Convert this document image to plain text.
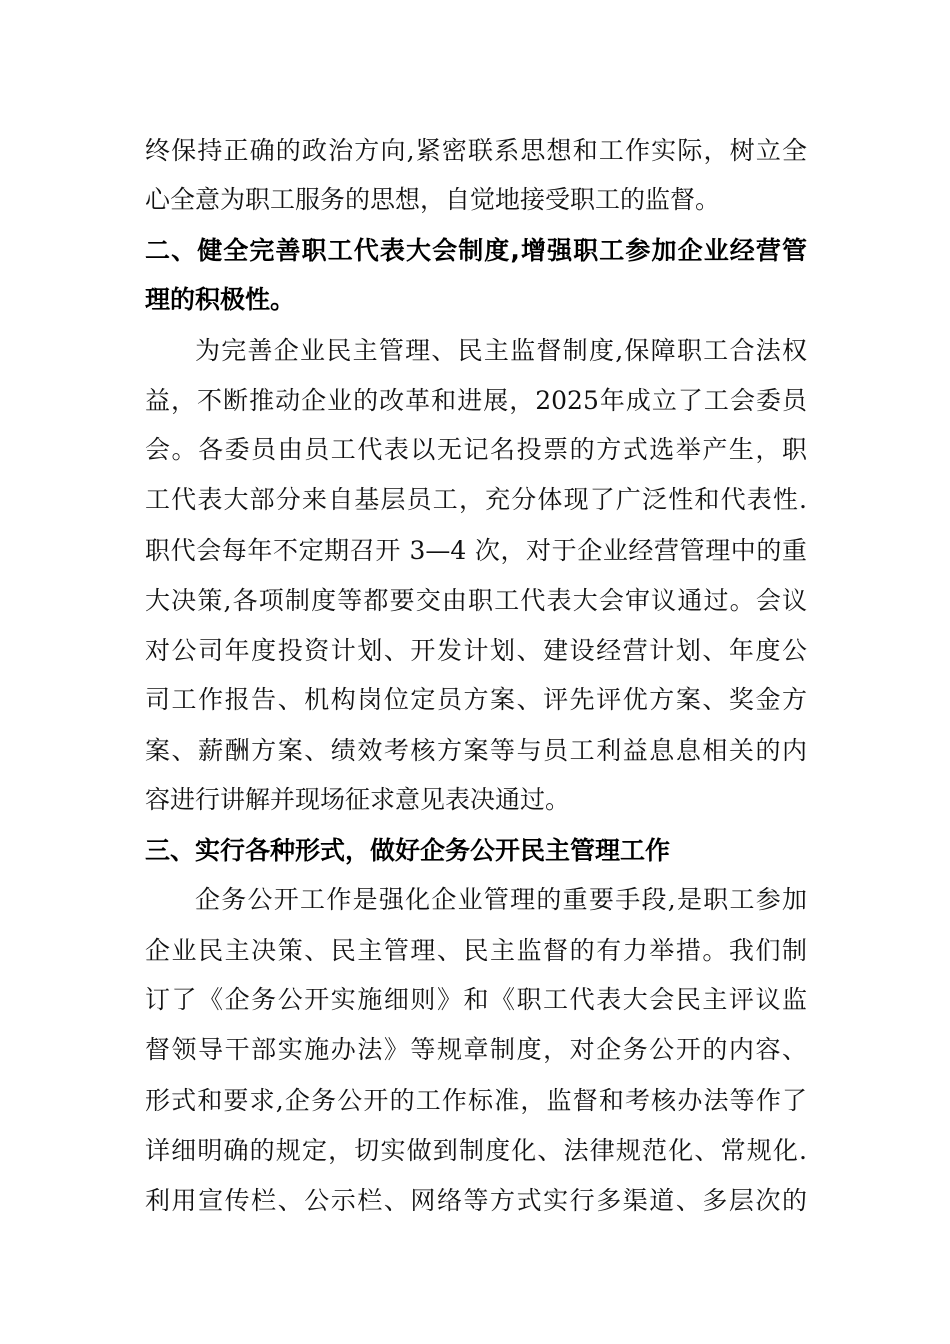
终保持正确的政治方向,紧密联系思想和工作实际，树立全
心全意为职工服务的思想，自觉地接受职工的监督。
二、健全完善职工代表大会制度,增强职工参加企业经营管
理的积极性。
为完善企业民主管理、民主监督制度,保障职工合法权
益，不断推动企业的改革和进展，2025年成立了工会委员
会。各委员由员工代表以无记名投票的方式选举产生，职
工代表大部分来自基层员工，充分体现了广泛性和代表性.
职代会每年不定期召开 3—4 次，对于企业经营管理中的重
大决策,各项制度等都要交由职工代表大会审议通过。会议
对公司年度投资计划、开发计划、建设经营计划、年度公
司工作报告、机构岗位定员方案、评先评优方案、奖金方
案、薪酬方案、绩效考核方案等与员工利益息息相关的内
容进行讲解并现场征求意见表决通过。
三、实行各种形式，做好企务公开民主管理工作
企务公开工作是强化企业管理的重要手段,是职工参加
企业民主决策、民主管理、民主监督的有力举措。我们制
订了《企务公开实施细则》和《职工代表大会民主评议监
督领导干部实施办法》等规章制度，对企务公开的内容、
形式和要求,企务公开的工作标准，监督和考核办法等作了
详细明确的规定，切实做到制度化、法律规范化、常规化.
利用宣传栏、公示栏、网络等方式实行多渠道、多层次的
